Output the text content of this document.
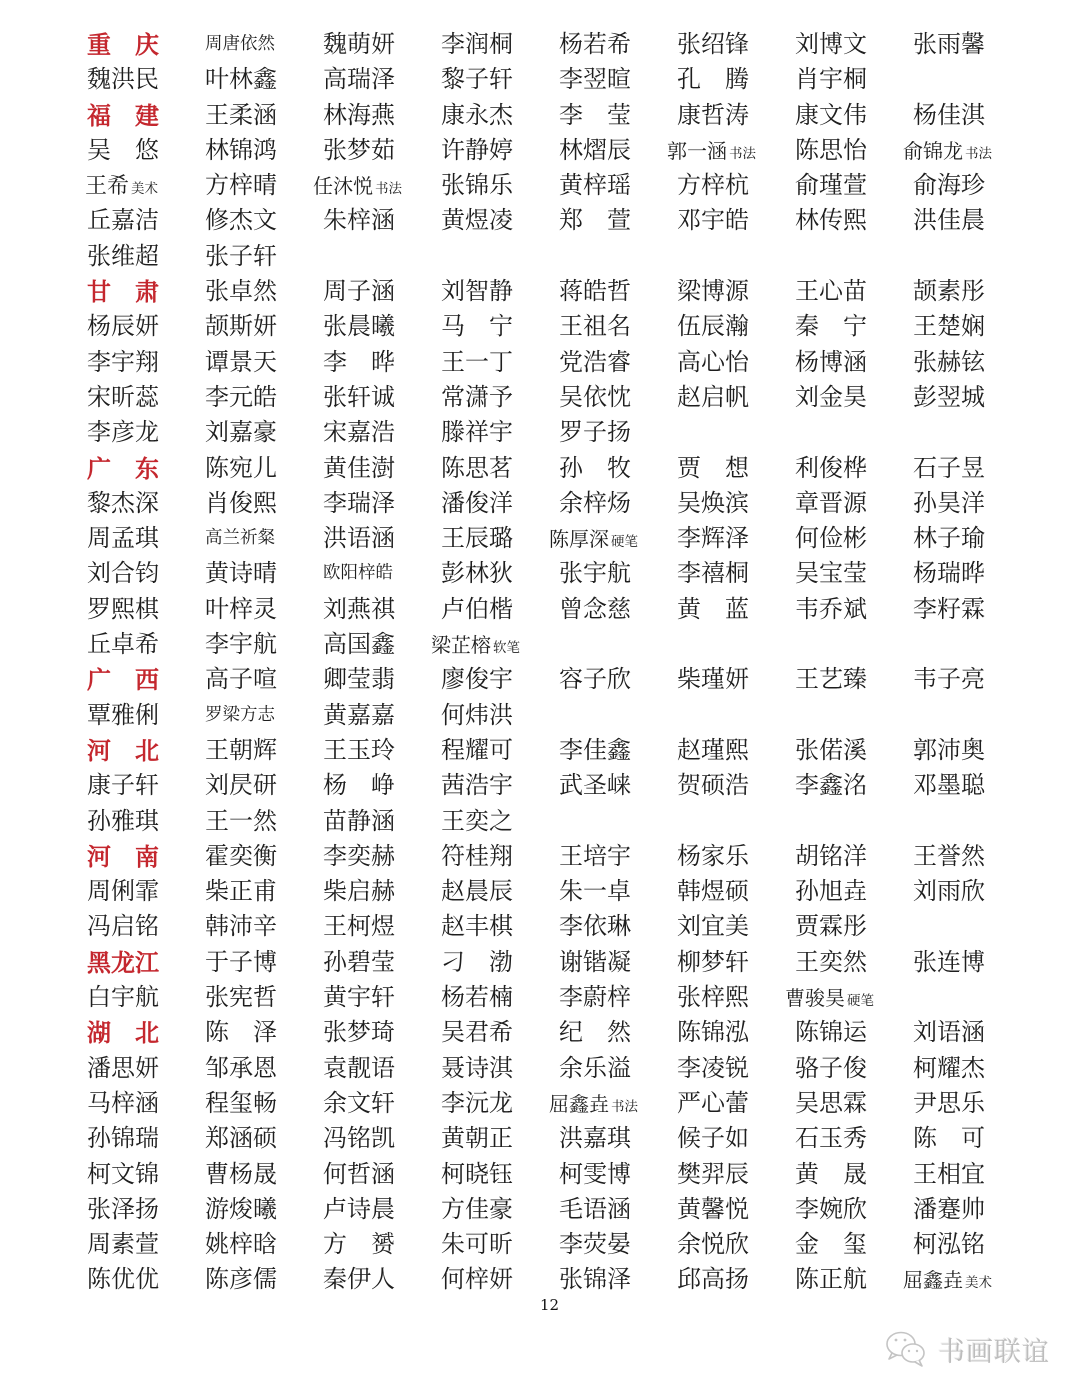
重　庆	周唐依然	魏萌妍	李润桐	杨若希	张绍锋	刘博文	张雨馨
魏洪民	叶林鑫	高瑞泽	黎子轩	李翌暄	孔　腾	肖宇桐
福　建	王柔涵	林海燕	康永杰	李　莹	康哲涛	康文伟	杨佳淇
吴　悠	林锦鸿	张梦茹	许静婷	林熠辰	郭一涵 书法	陈思怡	俞锦龙 书法
王希 美术	方梓晴	任沐悦 书法	张锦乐	黄梓瑶	方梓杭	俞瑾萱	俞海珍
丘嘉洁	修杰文	朱梓涵	黄煜凌	郑　萱	邓宇皓	林传熙	洪佳晨
张维超	张子轩
甘　肃	张卓然	周子涵	刘智静	蒋皓哲	梁博源	王心苗	颉素彤
杨辰妍	颉斯妍	张晨曦	马　宁	王祖名	伍辰瀚	秦　宁	王楚娴
李宇翔	谭景天	李　晔	王一丁	党浩睿	高心怡	杨博涵	张赫铉
宋昕蕊	李元皓	张轩诚	常潇予	吴依忱	赵启帆	刘金昊	彭翌城
李彦龙	刘嘉豪	宋嘉浩	滕祥宇	罗子扬
广　东	陈宛儿	黄佳澍	陈思茗	孙　牧	贾　想	利俊桦	石子昱
黎杰深	肖俊熙	李瑞泽	潘俊洋	余梓炀	吴焕滨	章晋源	孙昊洋
周孟琪	高兰祈粲	洪语涵	王辰璐	陈厚深 硬笔	李辉泽	何俭彬	林子瑜
刘合钧	黄诗晴	欧阳梓皓	彭林狄	张宇航	李禧桐	吴宝莹	杨瑞晔
罗熙棋	叶梓灵	刘燕祺	卢伯楷	曾念慈	黄　蓝	韦乔斌	李籽霖
丘卓希	李宇航	高国鑫	梁芷榕 软笔
广　西	高子喧	卿莹翡	廖俊宇	容子欣	柴瑾妍	王艺臻	韦子亮
覃雅俐	罗梁方志	黄嘉嘉	何炜洪
河　北	王朝辉	王玉玲	程耀可	李佳鑫	赵瑾熙	张偌溪	郭沛奥
康子轩	刘昃研	杨　峥	茜浩宇	武圣崃	贺硕浩	李鑫洺	邓墨聪
孙雅琪	王一然	苗静涵	王奕之
河　南	霍奕衡	李奕赫	符桂翔	王培宇	杨家乐	胡铭洋	王誉然
周俐霏	柴正甫	柴启赫	赵晨辰	朱一卓	韩煜硕	孙旭垚	刘雨欣
冯启铭	韩沛辛	王柯煜	赵丰棋	李依琳	刘宜美	贾霖彤
黑龙江	于子博	孙碧莹	刁　渤	谢锴凝	柳梦轩	王奕然	张连博
白宇航	张宪哲	黄宇轩	杨若楠	李蔚梓	张梓熙	曹骏昊 硬笔
湖　北	陈　泽	张梦琦	吴君希	纪　然	陈锦泓	陈锦运	刘语涵
潘思妍	邹承恩	袁靓语	聂诗淇	余乐溢	李凌锐	骆子俊	柯耀杰
马梓涵	程玺畅	余文轩	李沅龙	屈鑫垚 书法	严心蕾	吴思霖	尹思乐
孙锦瑞	郑涵硕	冯铭凯	黄朝正	洪嘉琪	候子如	石玉秀	陈　可
柯文锦	曹杨晟	何哲涵	柯晓钰	柯雯博	樊羿辰	黄　晟	王相宜
张泽扬	游焌曦	卢诗晨	方佳豪	毛语涵	黄馨悦	李婉欣	潘蹇帅
周素萱	姚梓晗	方　赟	朱可昕	李荧晏	余悦欣	金　玺	柯泓铭
陈优优	陈彦儒	秦伊人	何梓妍	张锦泽	邱高扬	陈正航	屈鑫垚 美术
12
书画联谊
